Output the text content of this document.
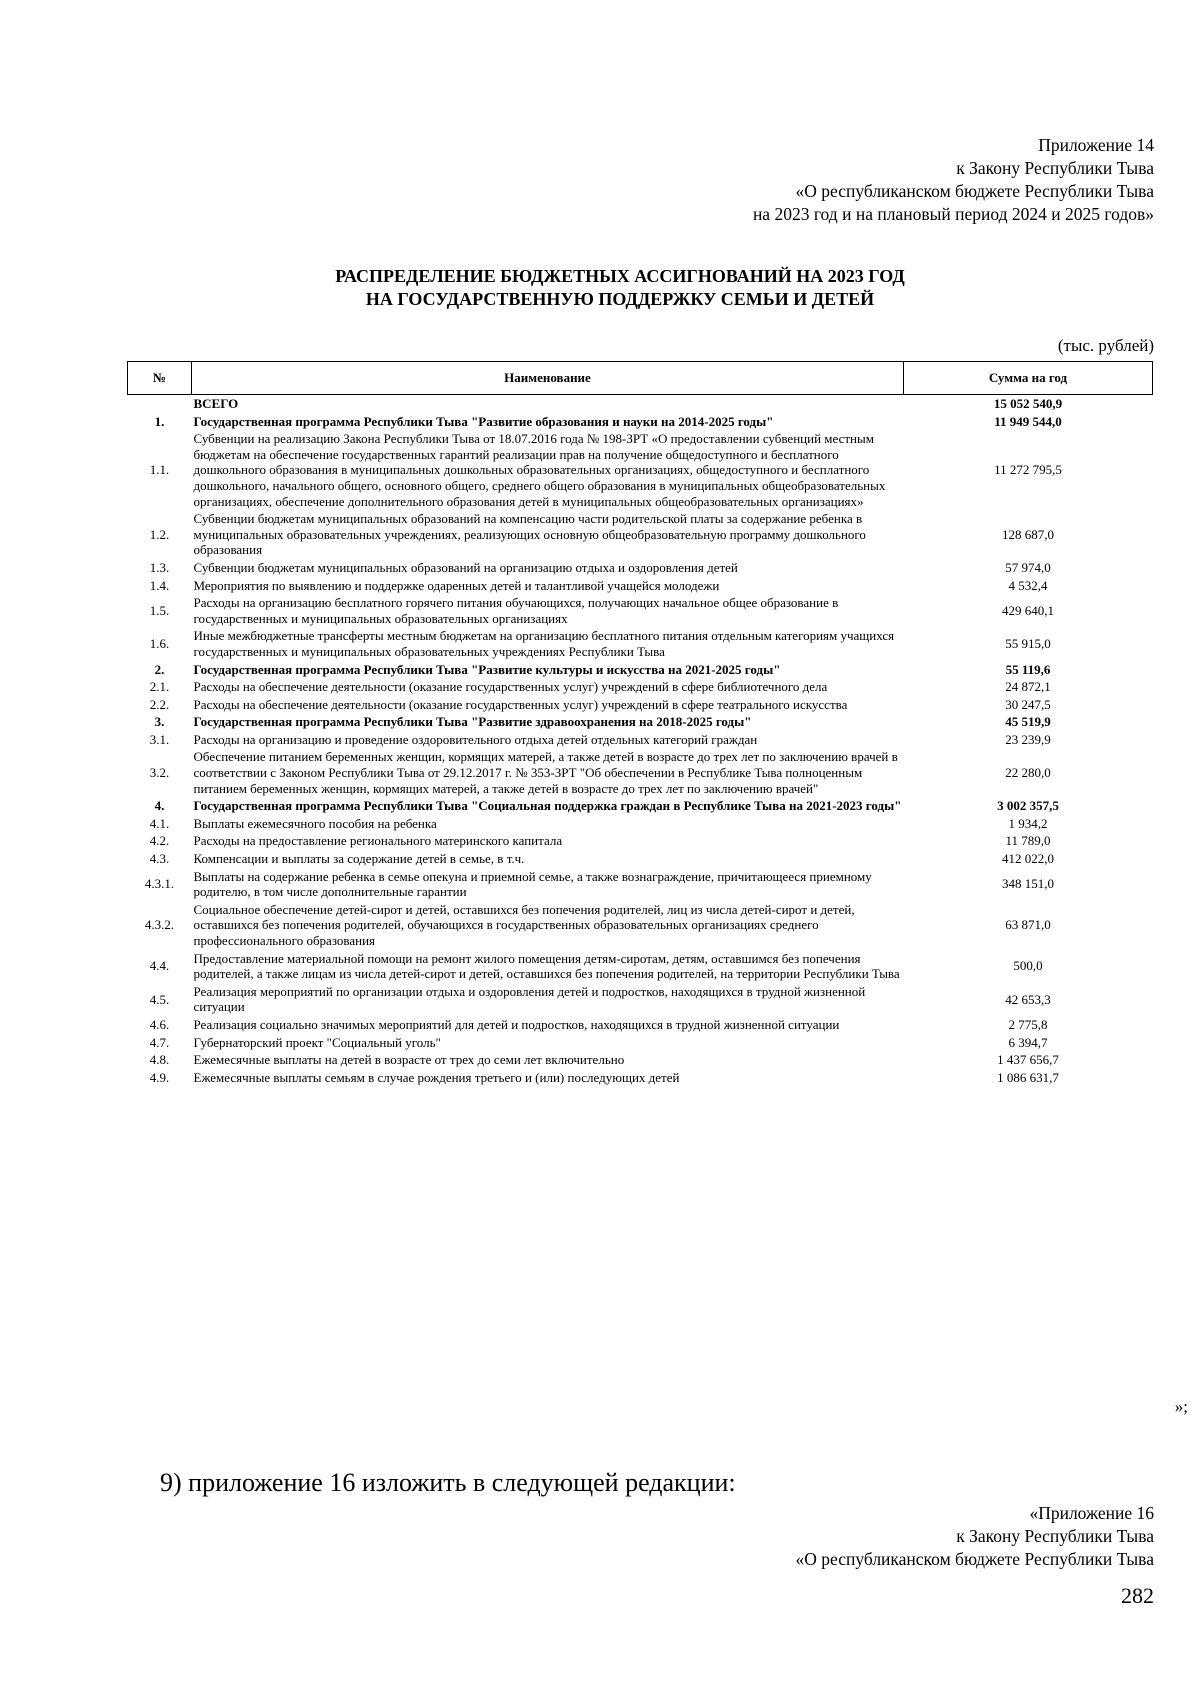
Приложение 14
к Закону Республики Тыва
«О республиканском бюджете Республики Тыва
на 2023 год и на плановый период 2024 и 2025 годов»
РАСПРЕДЕЛЕНИЕ БЮДЖЕТНЫХ АССИГНОВАНИЙ НА 2023 ГОД
НА ГОСУДАРСТВЕННУЮ ПОДДЕРЖКУ СЕМЬИ И ДЕТЕЙ
(тыс. рублей)
№	Наименование	Сумма на год
	ВСЕГО	15 052 540,9
1.	Государственная программа Республики Тыва "Развитие образования и науки на 2014-2025 годы"	11 949 544,0
1.1.	Субвенции на реализацию Закона Республики Тыва от 18.07.2016 года № 198-ЗРТ «О предоставлении субвенций местным бюджетам на обеспечение государственных гарантий реализации прав на получение общедоступного и бесплатного дошкольного образования в муниципальных дошкольных образовательных организациях, общедоступного и бесплатного дошкольного, начального общего, основного общего, среднего общего образования в муниципальных общеобразовательных организациях, обеспечение дополнительного образования детей в муниципальных общеобразовательных организациях»	11 272 795,5
1.2.	Субвенции бюджетам муниципальных образований на компенсацию части родительской платы за содержание ребенка в муниципальных образовательных учреждениях, реализующих основную общеобразовательную программу дошкольного образования	128 687,0
1.3.	Субвенции бюджетам муниципальных образований на организацию отдыха и оздоровления детей	57 974,0
1.4.	Мероприятия по выявлению и поддержке одаренных детей и талантливой учащейся молодежи	4 532,4
1.5.	Расходы на организацию бесплатного горячего питания обучающихся, получающих начальное общее образование в государственных и муниципальных образовательных организациях	429 640,1
1.6.	Иные межбюджетные трансферты местным бюджетам на организацию бесплатного питания отдельным категориям учащихся государственных и муниципальных образовательных учреждениях Республики Тыва	55 915,0
2.	Государственная программа Республики Тыва "Развитие культуры и искусства на 2021-2025 годы"	55 119,6
2.1.	Расходы на обеспечение деятельности (оказание государственных услуг) учреждений в сфере библиотечного дела	24 872,1
2.2.	Расходы на обеспечение деятельности (оказание государственных услуг) учреждений в сфере театрального искусства	30 247,5
3.	Государственная программа Республики Тыва "Развитие здравоохранения на 2018-2025 годы"	45 519,9
3.1.	Расходы на организацию и проведение оздоровительного отдыха детей отдельных категорий граждан	23 239,9
3.2.	Обеспечение питанием беременных женщин, кормящих матерей, а также детей в возрасте до трех лет по заключению врачей в соответствии с Законом Республики Тыва от 29.12.2017 г. № 353-ЗРТ "Об обеспечении в Республике Тыва полноценным питанием беременных женщин, кормящих матерей, а также детей в возрасте до трех лет по заключению врачей"	22 280,0
4.	Государственная программа Республики Тыва "Социальная поддержка граждан в Республике Тыва на 2021-2023 годы"	3 002 357,5
4.1.	Выплаты ежемесячного пособия на ребенка	1 934,2
4.2.	Расходы на предоставление регионального материнского капитала	11 789,0
4.3.	Компенсации и выплаты за содержание детей в семье, в т.ч.	412 022,0
4.3.1.	Выплаты на содержание ребенка в семье опекуна и приемной семье, а также вознаграждение, причитающееся приемному родителю, в том числе дополнительные гарантии	348 151,0
4.3.2.	Социальное обеспечение детей-сирот и детей, оставшихся без попечения родителей, лиц из числа детей-сирот и детей, оставшихся без попечения родителей, обучающихся в государственных образовательных организациях среднего профессионального образования	63 871,0
4.4.	Предоставление материальной помощи на ремонт жилого помещения детям-сиротам, детям, оставшимся без попечения родителей, а также лицам из числа детей-сирот и детей, оставшихся без попечения родителей, на территории Республики Тыва	500,0
4.5.	Реализация мероприятий по организации отдыха и оздоровления детей и подростков, находящихся в трудной жизненной ситуации	42 653,3
4.6.	Реализация социально значимых мероприятий для детей и подростков, находящихся в трудной жизненной ситуации	2 775,8
4.7.	Губернаторский проект "Социальный уголь"	6 394,7
4.8.	Ежемесячные выплаты на детей в возрасте от трех до семи лет включительно	1 437 656,7
4.9.	Ежемесячные выплаты семьям в случае рождения третьего и (или) последующих детей	1 086 631,7
»;
9) приложение 16 изложить в следующей редакции:
«Приложение 16
к Закону Республики Тыва
«О республиканском бюджете Республики Тыва
282
